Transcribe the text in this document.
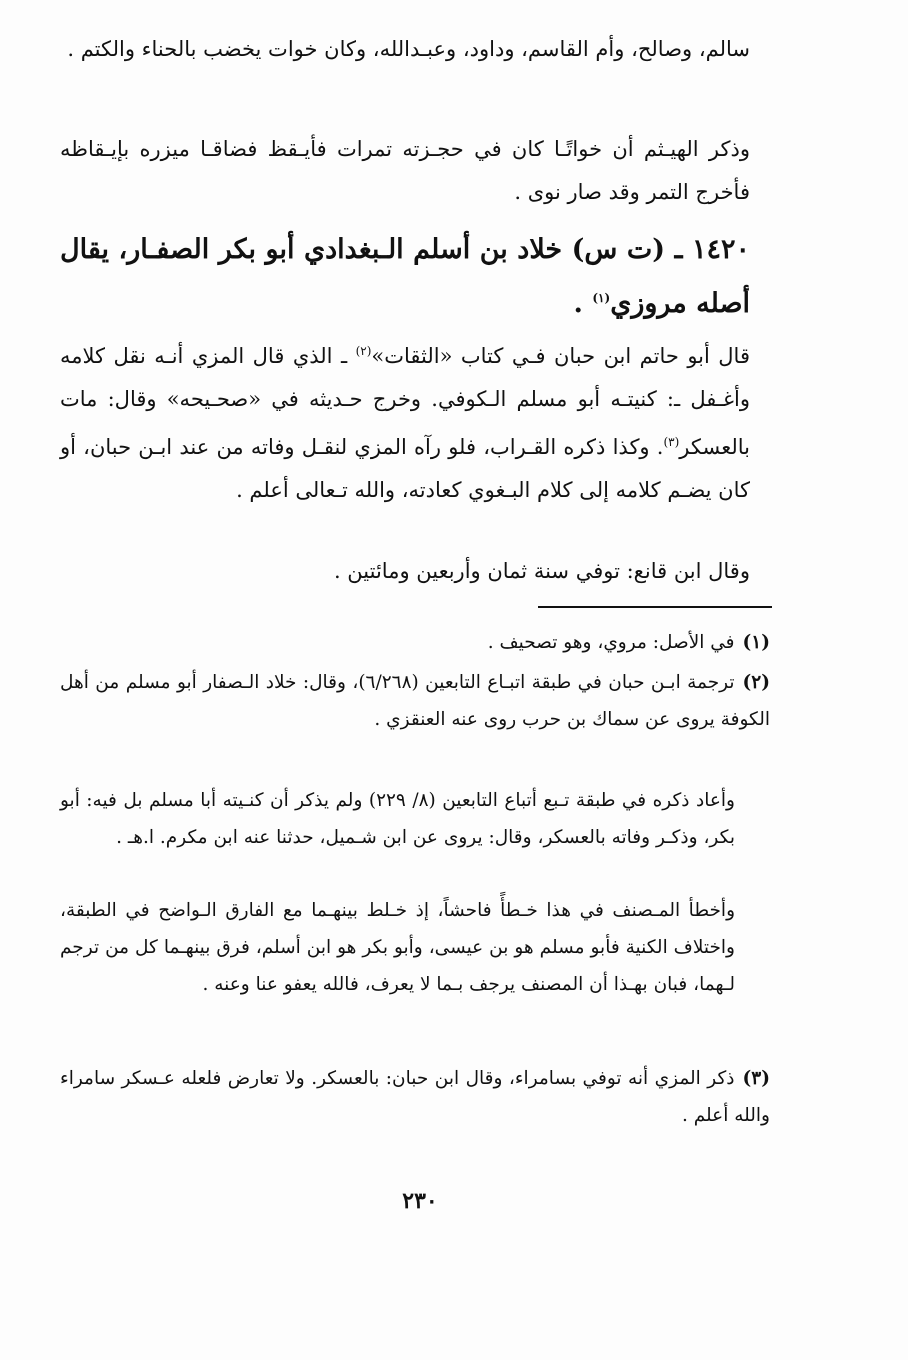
سالم، وصالح، وأم القاسم، وداود، وعبـدالله، وكان خوات يخضب بالحناء والكتم .

وذكر الهيـثم أن خواتًـا كان في حجـزته تمرات فأيـقظ فضاقـا ميزره بإيـقاظه فأخرج التمر وقد صار نوى .

١٤٢٠ ـ (ت س) خلاد بن أسلم الـبغدادي أبو بكر الصفـار، يقال أصله مروزي$^{(١)}$ .

قال أبو حاتم ابن حبان فـي كتاب «الثقات»$^{(٢)}$ ـ الذي قال المزي أنـه نقل كلامه وأغـفل ـ: كنيتـه أبو مسلم الـكوفي. وخرج حـديثه في «صحـيحه» وقال: مات بالعسكر$^{(٣)}$. وكذا ذكره القـراب، فلو رآه المزي لنقـل وفاته من عند ابـن حبان، أو كان يضـم كلامه إلى كلام البـغوي كعادته، والله تـعالى أعلم .

وقال ابن قانع: توفي سنة ثمان وأربعين ومائتين .

(١)في الأصل: مروي، وهو تصحيف .

(٢)ترجمة ابـن حبان في طبقة اتبـاع التابعين (٦/٢٦٨)، وقال: خلاد الـصفار أبو مسلم من أهل الكوفة يروى عن سماك بن حرب روى عنه العنقزي .

وأعاد ذكره في طبقة تـبع أتباع التابعين (٨/ ٢٢٩) ولم يذكر أن كنـيته أبا مسلم بل فيه: أبو بكر، وذكـر وفاته بالعسكر، وقال: يروى عن ابن شـميل، حدثنا عنه ابن مكرم. ا.هـ .

وأخطأ المـصنف في هذا خـطأً فاحشاً، إذ خـلط بينهـما مع الفارق الـواضح في الطبقة، واختلاف الكنية فأبو مسلم هو بن عيسى، وأبو بكر هو ابن أسلم، فرق بينهـما كل من ترجم لـهما، فبان بهـذا أن المصنف يرجف بـما لا يعرف، فالله يعفو عنا وعنه .

(٣)ذكر المزي أنه توفي بسامراء، وقال ابن حبان: بالعسكر. ولا تعارض فلعله عـسكر سامراء والله أعلم .

٢٣٠
